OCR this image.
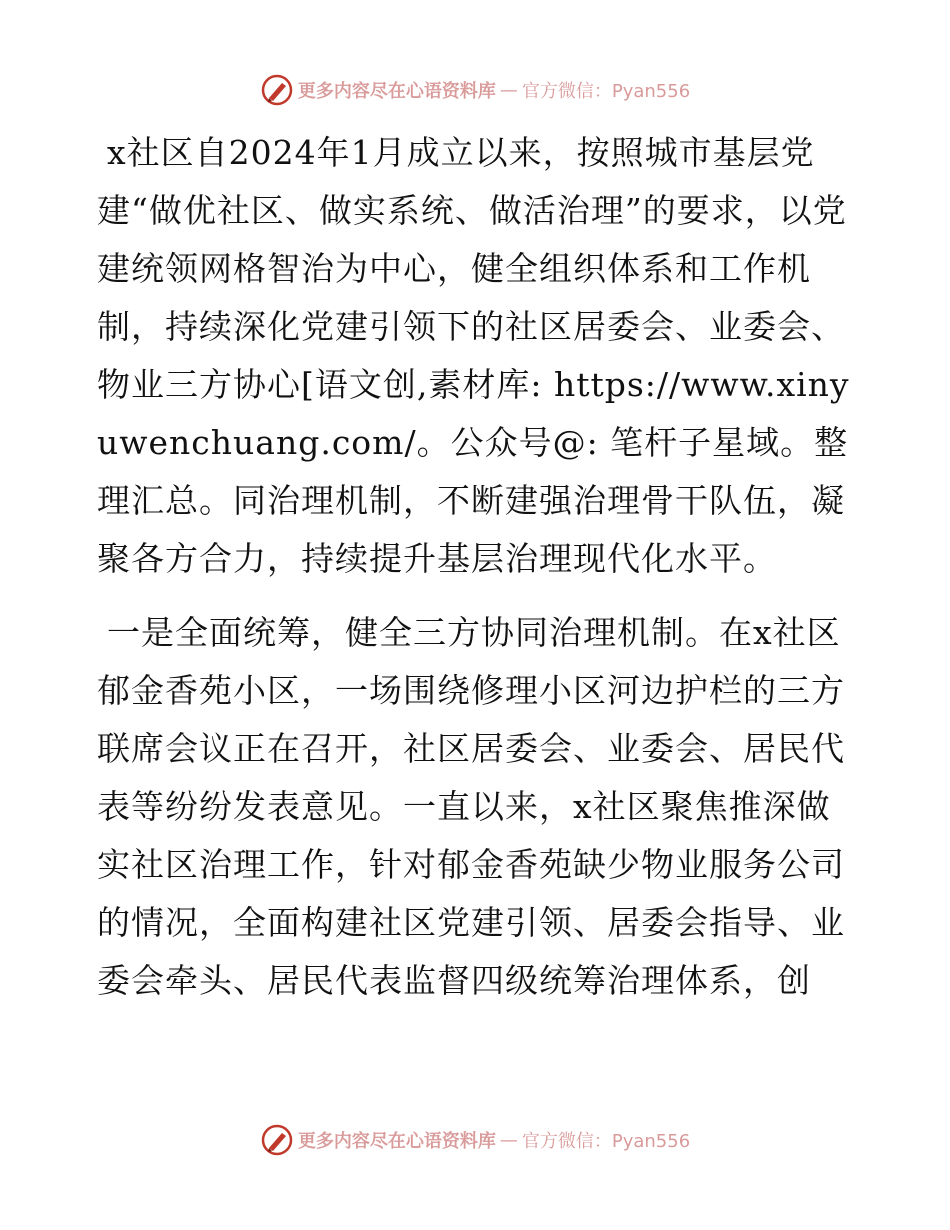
更多内容尽在心语资料库 — 官方微信：Pyan556

x社区自2024年1月成立以来，按照城市基层党建“做优社区、做实系统、做活治理”的要求，以党建统领网格智治为中心，健全组织体系和工作机制，持续深化党建引领下的社区居委会、业委会、物业三方协心[语文创,素材库: https://www.xinyuwenchuang.com/。公众号@: 笔杆子星域。整理汇总。同治理机制，不断建强治理骨干队伍，凝聚各方合力，持续提升基层治理现代化水平。

一是全面统筹，健全三方协同治理机制。在x社区郁金香苑小区，一场围绕修理小区河边护栏的三方联席会议正在召开，社区居委会、业委会、居民代表等纷纷发表意见。一直以来，x社区聚焦推深做实社区治理工作，针对郁金香苑缺少物业服务公司的情况，全面构建社区党建引领、居委会指导、业委会牵头、居民代表监督四级统筹治理体系，创

更多内容尽在心语资料库 — 官方微信：Pyan556
